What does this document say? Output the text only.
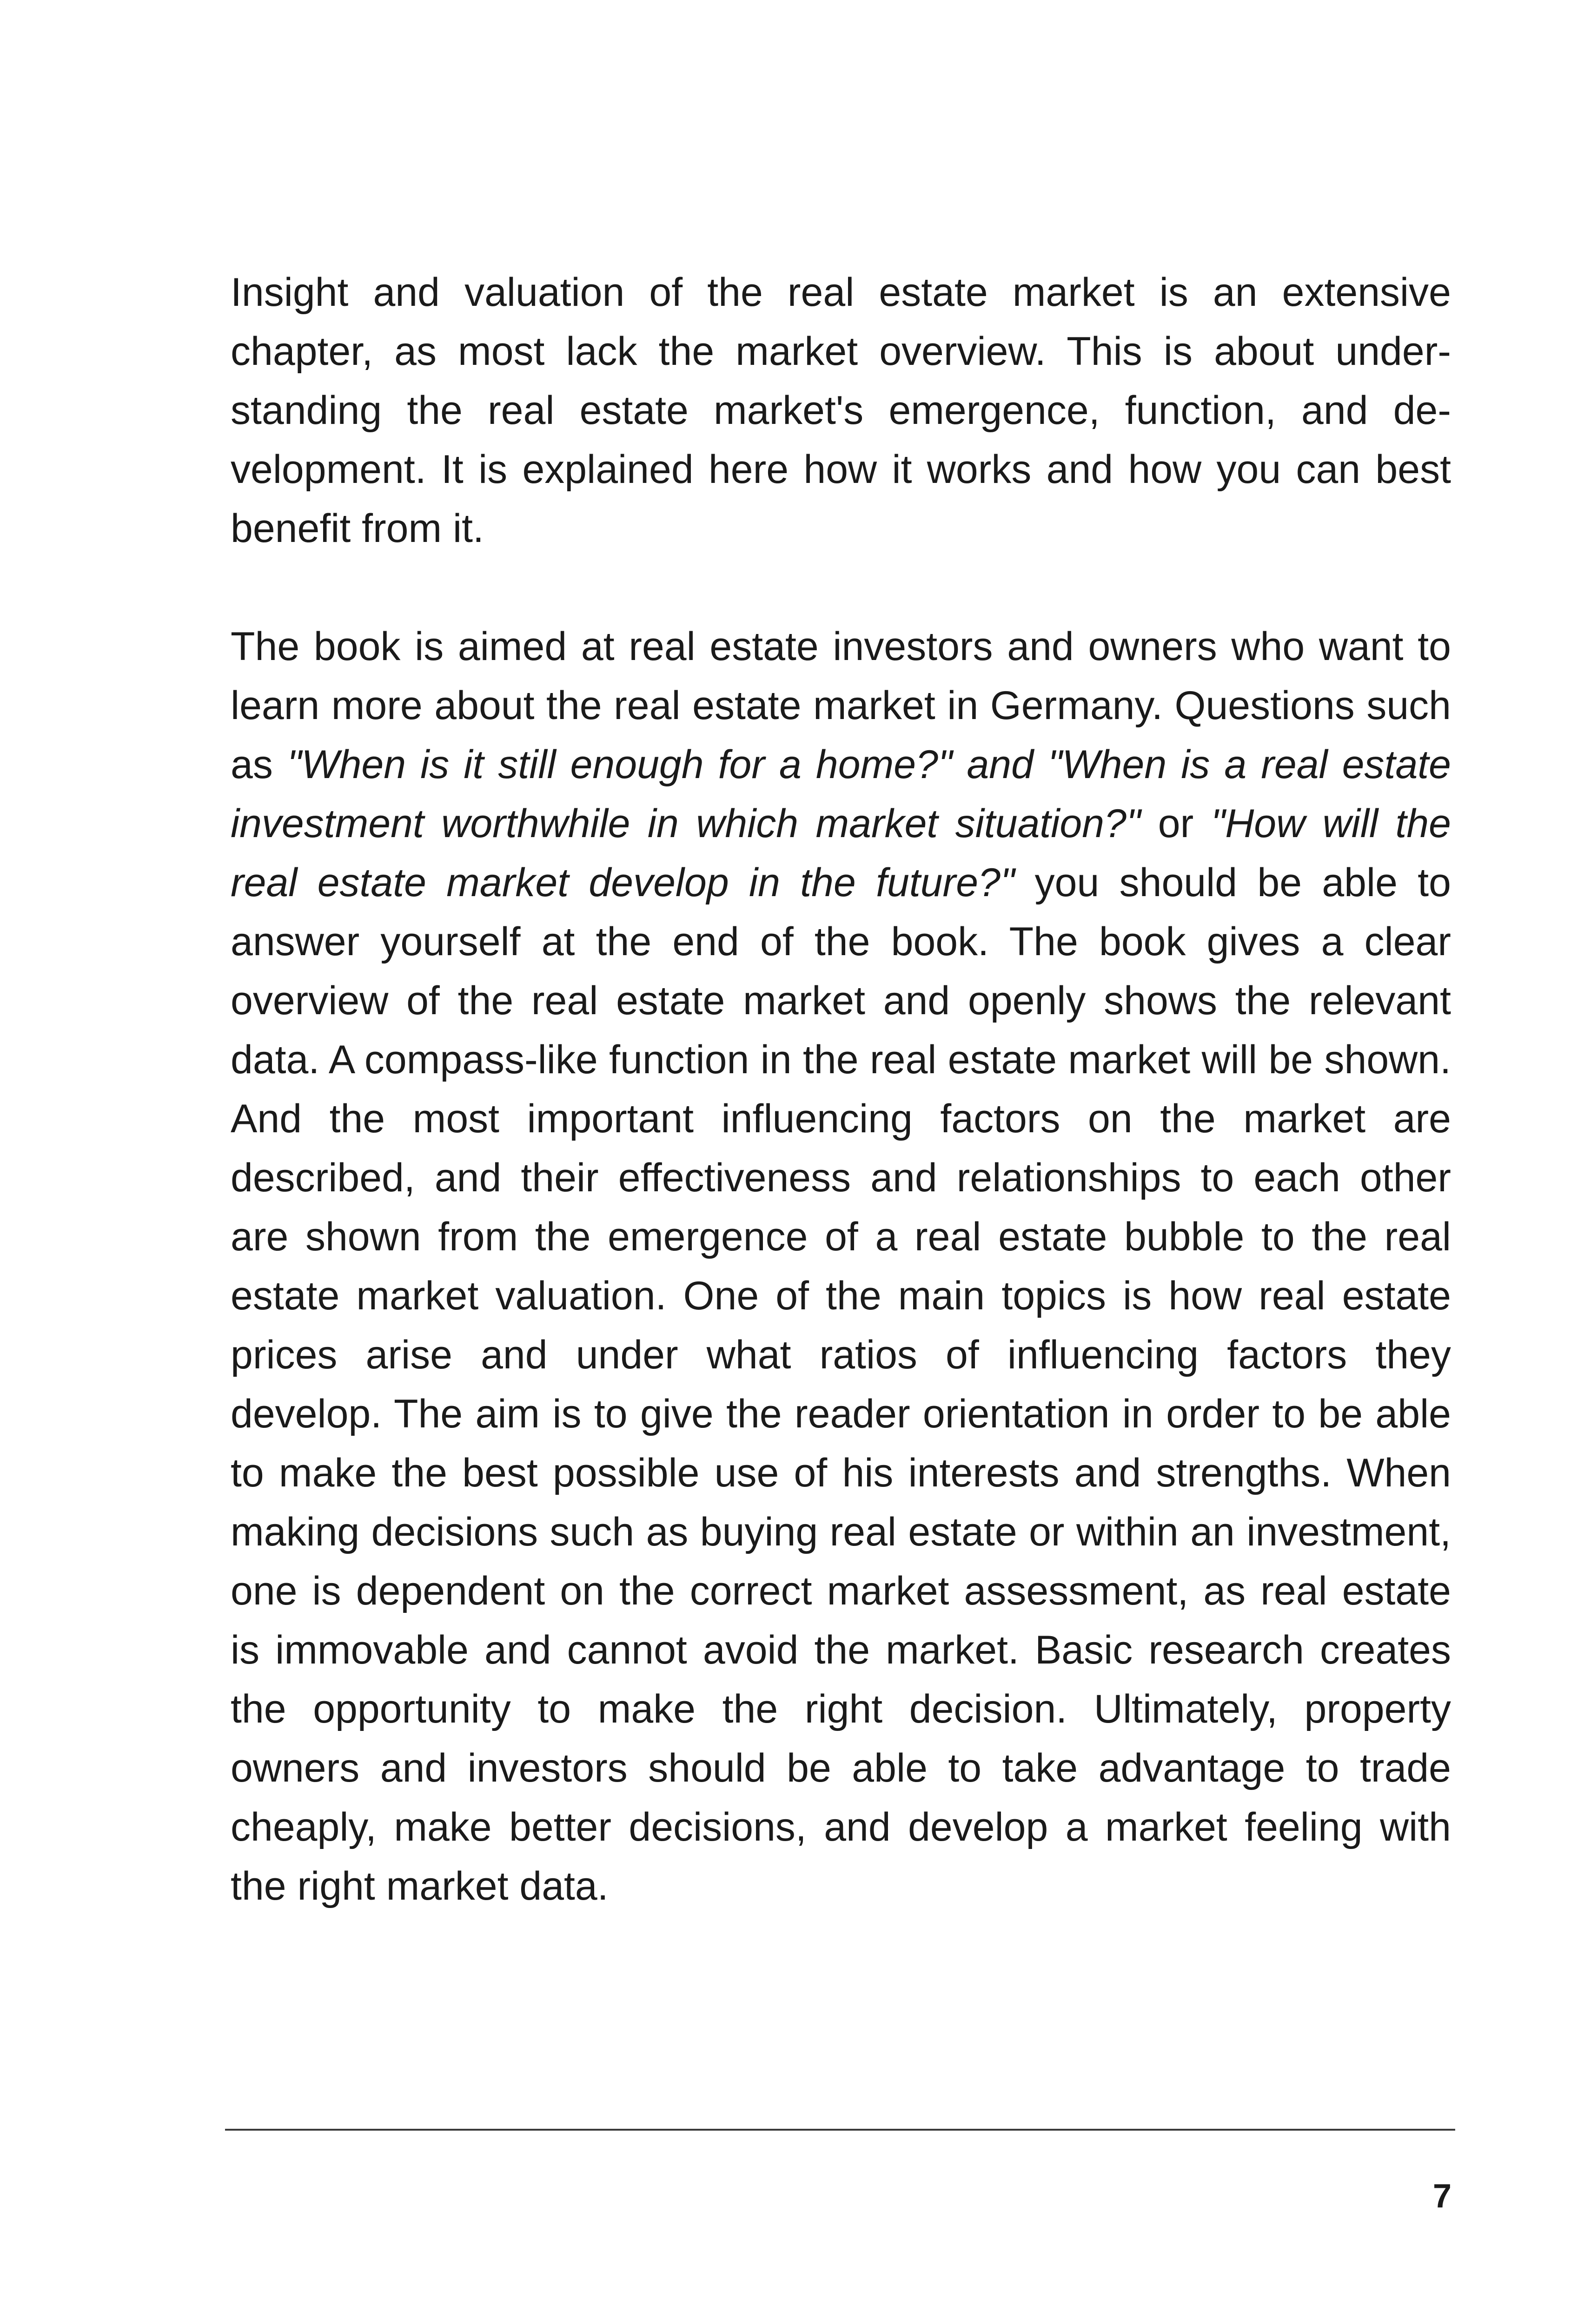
Insight and valuation of the real estate market is an extensive chapter, as most lack the market overview. This is about understanding the real estate market's emergence, function, and development. It is explained here how it works and how you can best benefit from it.

The book is aimed at real estate investors and owners who want to learn more about the real estate market in Germany. Questions such as "When is it still enough for a home?" and "When is a real estate investment worthwhile in which market situation?" or "How will the real estate market develop in the future?" you should be able to answer yourself at the end of the book. The book gives a clear overview of the real estate market and openly shows the relevant data. A compass-like function in the real estate market will be shown. And the most important influencing factors on the market are described, and their effectiveness and relationships to each other are shown from the emergence of a real estate bubble to the real estate market valuation. One of the main topics is how real estate prices arise and under what ratios of influencing factors they develop. The aim is to give the reader orientation in order to be able to make the best possible use of his interests and strengths. When making decisions such as buying real estate or within an investment, one is dependent on the correct market assessment, as real estate is immovable and cannot avoid the market. Basic research creates the opportunity to make the right decision. Ultimately, property owners and investors should be able to take advantage to trade cheaply, make better decisions, and develop a market feeling with the right market data.

7
